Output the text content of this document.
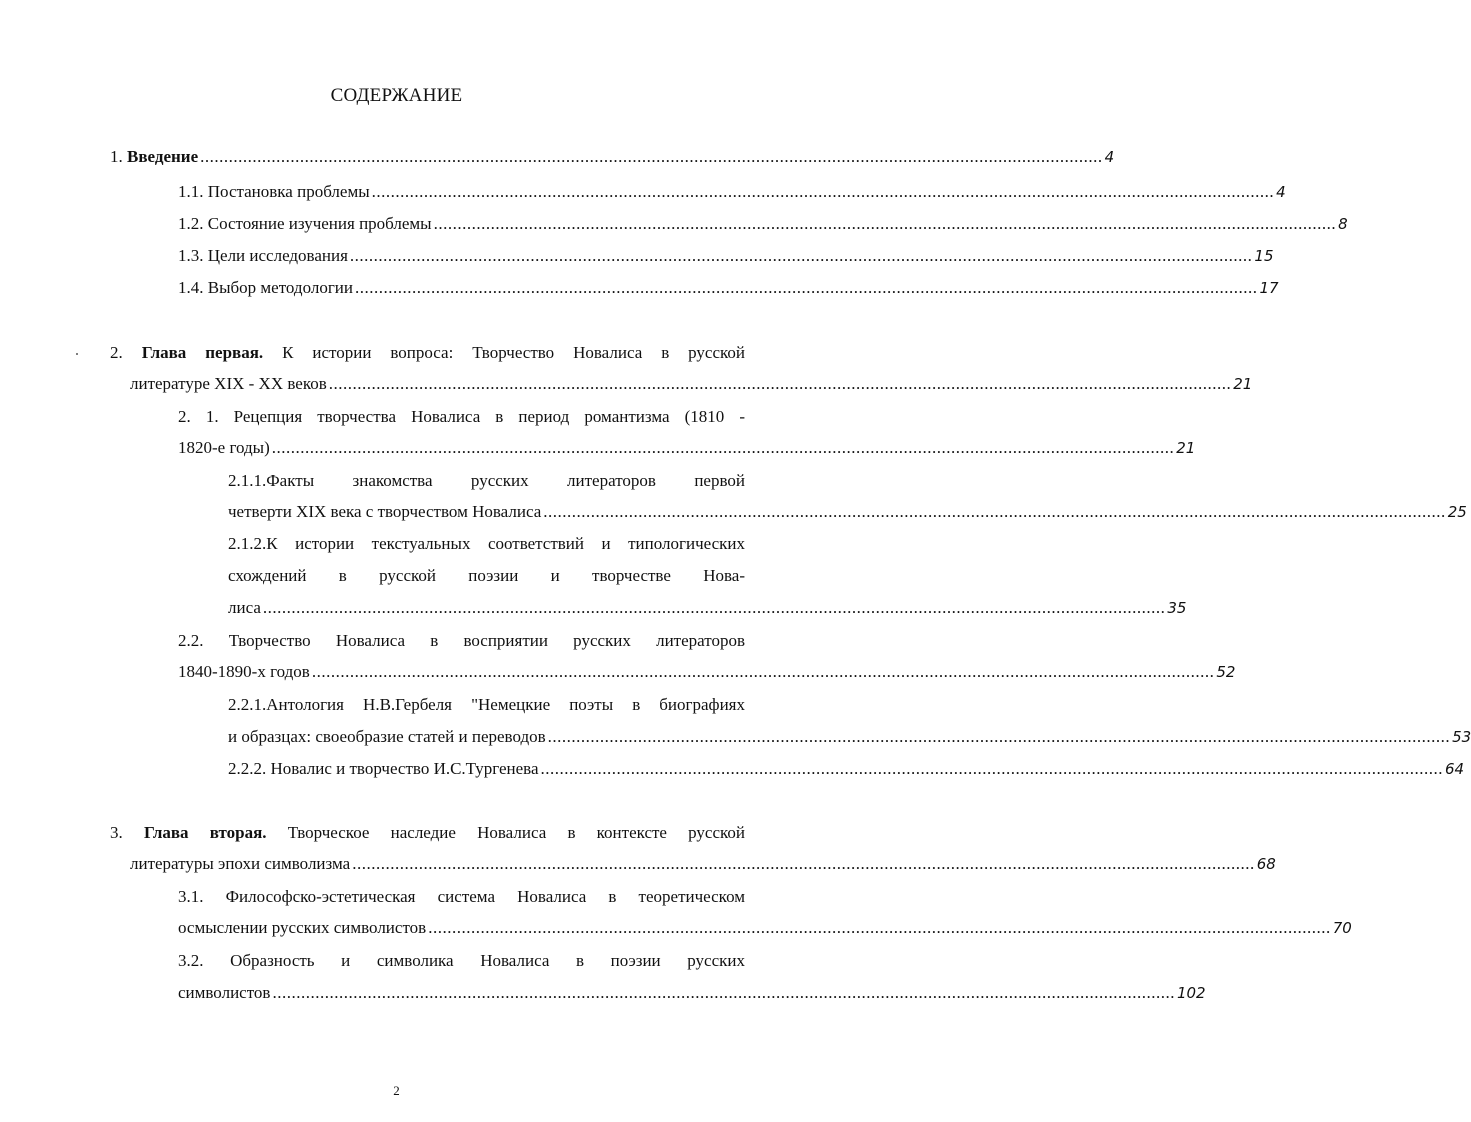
СОДЕРЖАНИЕ
1.
Введение .............................................................................................................................................................................................. 4
1.1.
Постановка проблемы .............................................................................................................................................................................................. 4
1.2.
Состояние изучения проблемы .............................................................................................................................................................................................. 8
1.3.
Цели исследования .............................................................................................................................................................................................. 15
1.4.
Выбор методологии .............................................................................................................................................................................................. 17
2. Глава первая. К истории вопроса: Творчество Новалиса в русской
литературе XIX - XX веков .............................................................................................................................................................................................. 21
2. 1. Рецепция творчества Новалиса в период романтизма (1810 -
1820-е годы) .............................................................................................................................................................................................. 21
2.1.1.Факты знакомства русских литераторов первой
четверти XIX века с творчеством Новалиса .............................................................................................................................................................................................. 25
2.1.2.К истории текстуальных соответствий и типологических
схождений в русской поэзии и творчестве Нова-
лиса .............................................................................................................................................................................................. 35
2.2. Творчество Новалиса в восприятии русских литераторов
1840-1890-х годов .............................................................................................................................................................................................. 52
2.2.1.Антология Н.В.Гербеля "Немецкие поэты в биографиях
и образцах: своеобразие статей и переводов .............................................................................................................................................................................................. 53
2.2.2. Новалис и творчество И.С.Тургенева .............................................................................................................................................................................................. 64
3. Глава вторая. Творческое наследие Новалиса в контексте русской
литературы эпохи символизма .............................................................................................................................................................................................. 68
3.1. Философско-эстетическая система Новалиса в теоретическом
осмыслении русских символистов .............................................................................................................................................................................................. 70
3.2. Образность и символика Новалиса в поэзии русских
символистов .............................................................................................................................................................................................. 102
2
